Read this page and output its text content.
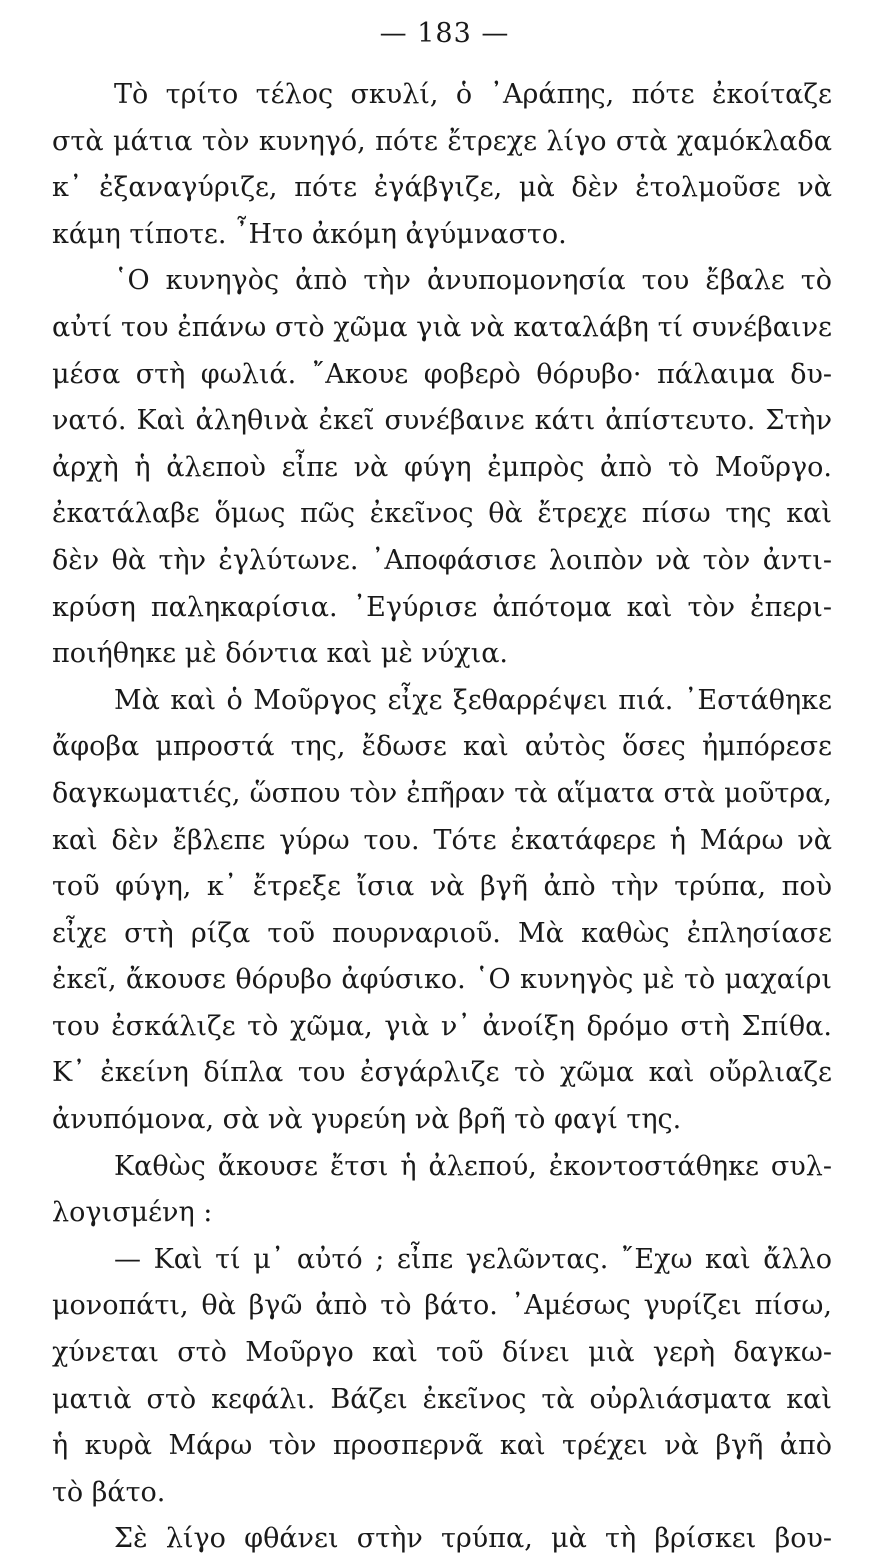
— 183 —
Τὸ τρίτο τέλος σκυλί, ὁ ᾿Αράπης, πότε ἐκοίταζε
στὰ μάτια τὸν κυνηγό, πότε ἔτρεχε λίγο στὰ χαμόκλαδα
κ᾿ ἐξαναγύριζε, πότε ἐγάβγιζε, μὰ δὲν ἐτολμοῦσε νὰ
κάμη τίποτε. ῏Ητο ἀκόμη ἀγύμναστο.
῾Ο κυνηγὸς ἀπὸ τὴν ἀνυπομονησία του ἔβαλε τὸ
αὐτί του ἐπάνω στὸ χῶμα γιὰ νὰ καταλάβη τί συνέβαινε
μέσα στὴ φωλιά. ῎Ακουε φοβερὸ θόρυβο· πάλαιμα δυ-
νατό. Καὶ ἀληθινὰ ἐκεῖ συνέβαινε κάτι ἀπίστευτο. Στὴν
ἀρχὴ ἡ ἀλεποὺ εἶπε νὰ φύγη ἐμπρὸς ἀπὸ τὸ Μοῦργο.
ἐκατάλαβε ὅμως πῶς ἐκεῖνος θὰ ἔτρεχε πίσω της καὶ
δὲν θὰ τὴν ἐγλύτωνε. ᾿Αποφάσισε λοιπὸν νὰ τὸν ἀντι-
κρύση παληκαρίσια. ᾿Εγύρισε ἀπότομα καὶ τὸν ἐπερι-
ποιήθηκε μὲ δόντια καὶ μὲ νύχια.
Μὰ καὶ ὁ Μοῦργος εἶχε ξεθαρρέψει πιά. ᾿Εστάθηκε
ἄφοβα μπροστά της, ἔδωσε καὶ αὐτὸς ὅσες ἠμπόρεσε
δαγκωματιές, ὥσπου τὸν ἐπῆραν τὰ αἵματα στὰ μοῦτρα,
καὶ δὲν ἔβλεπε γύρω του. Τότε ἐκατάφερε ἡ Μάρω νὰ
τοῦ φύγη, κ᾿ ἔτρεξε ἴσια νὰ βγῆ ἀπὸ τὴν τρύπα, ποὺ
εἶχε στὴ ρίζα τοῦ πουρναριοῦ. Μὰ καθὼς ἐπλησίασε
ἐκεῖ, ἄκουσε θόρυβο ἀφύσικο. ῾Ο κυνηγὸς μὲ τὸ μαχαίρι
του ἐσκάλιζε τὸ χῶμα, γιὰ ν᾿ ἀνοίξη δρόμο στὴ Σπίθα.
Κ᾿ ἐκείνη δίπλα του ἐσγάρλιζε τὸ χῶμα καὶ οὔρλιαζε
ἀνυπόμονα, σὰ νὰ γυρεύη νὰ βρῆ τὸ φαγί της.
Καθὼς ἄκουσε ἔτσι ἡ ἀλεπού, ἐκοντοστάθηκε συλ-
λογισμένη :
— Καὶ τί μ᾿ αὐτό ; εἶπε γελῶντας. ῎Εχω καὶ ἄλλο
μονοπάτι, θὰ βγῶ ἀπὸ τὸ βάτο. ᾿Αμέσως γυρίζει πίσω,
χύνεται στὸ Μοῦργο καὶ τοῦ δίνει μιὰ γερὴ δαγκω-
ματιὰ στὸ κεφάλι. Βάζει ἐκεῖνος τὰ οὐρλιάσματα καὶ
ἡ κυρὰ Μάρω τὸν προσπερνᾶ καὶ τρέχει νὰ βγῆ ἀπὸ
τὸ βάτο.
Σὲ λίγο φθάνει στὴν τρύπα, μὰ τὴ βρίσκει βου-
